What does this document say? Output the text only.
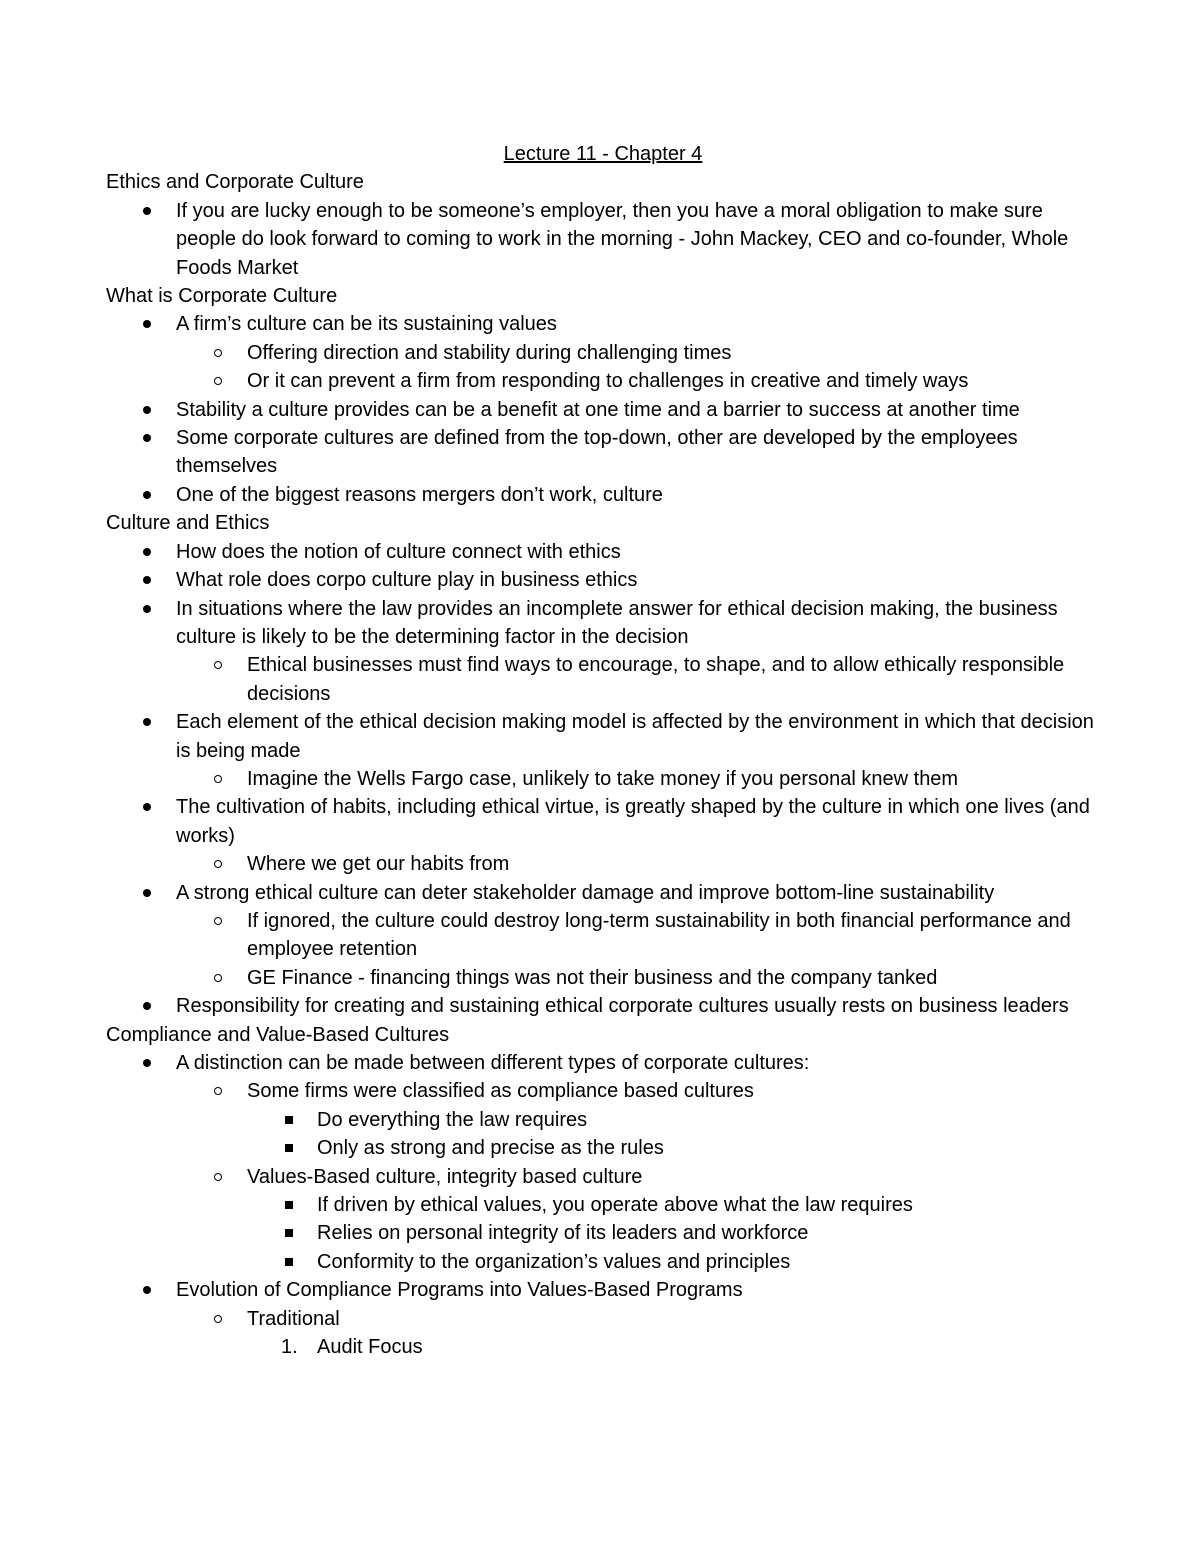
Lecture 11 - Chapter 4

Ethics and Corporate Culture

If you are lucky enough to be someone’s employer, then you have a moral obligation to make sure people do look forward to coming to work in the morning - John Mackey, CEO and co-founder, Whole Foods Market

What is Corporate Culture

A firm’s culture can be its sustaining values
Offering direction and stability during challenging times
Or it can prevent a firm from responding to challenges in creative and timely ways
Stability a culture provides can be a benefit at one time and a barrier to success at another time
Some corporate cultures are defined from the top-down, other are developed by the employees themselves
One of the biggest reasons mergers don’t work, culture

Culture and Ethics

How does the notion of culture connect with ethics
What role does corpo culture play in business ethics
In situations where the law provides an incomplete answer for ethical decision making, the business culture is likely to be the determining factor in the decision
Ethical businesses must find ways to encourage, to shape, and to allow ethically responsible decisions
Each element of the ethical decision making model is affected by the environment in which that decision is being made
Imagine the Wells Fargo case, unlikely to take money if you personal knew them
The cultivation of habits, including ethical virtue, is greatly shaped by the culture in which one lives (and works)
Where we get our habits from
A strong ethical culture can deter stakeholder damage and improve bottom-line sustainability
If ignored, the culture could destroy long-term sustainability in both financial performance and employee retention
GE Finance - financing things was not their business and the company tanked
Responsibility for creating and sustaining ethical corporate cultures usually rests on business leaders

Compliance and Value-Based Cultures

A distinction can be made between different types of corporate cultures:
Some firms were classified as compliance based cultures
Do everything the law requires
Only as strong and precise as the rules
Values-Based culture, integrity based culture
If driven by ethical values, you operate above what the law requires
Relies on personal integrity of its leaders and workforce
Conformity to the organization’s values and principles
Evolution of Compliance Programs into Values-Based Programs
Traditional
1. Audit Focus
